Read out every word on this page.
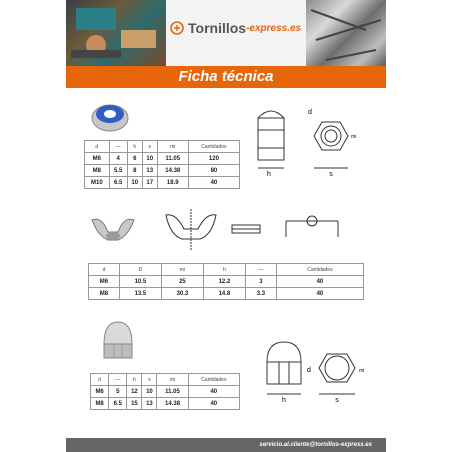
Tornillos -express.es
Ficha técnica
h	s
d
mi
d	—	h	s	mi	Cantidades
M6	4	6	10	11.05	120
M8	5.5	8	13	14.38	80
M10	6.5	10	17	18.9	40
d	D	mi	h	—	Cantidades
M6	10.5	25	12.2	3	40
M8	13.5	30.3	14.8	3.3	40
h
d
s
mi
d	—	h	s	mi	Cantidades
M6	5	12	10	11.05	40
M8	6.5	15	13	14.38	40
servicio.al.cliente@tornillos-express.es
